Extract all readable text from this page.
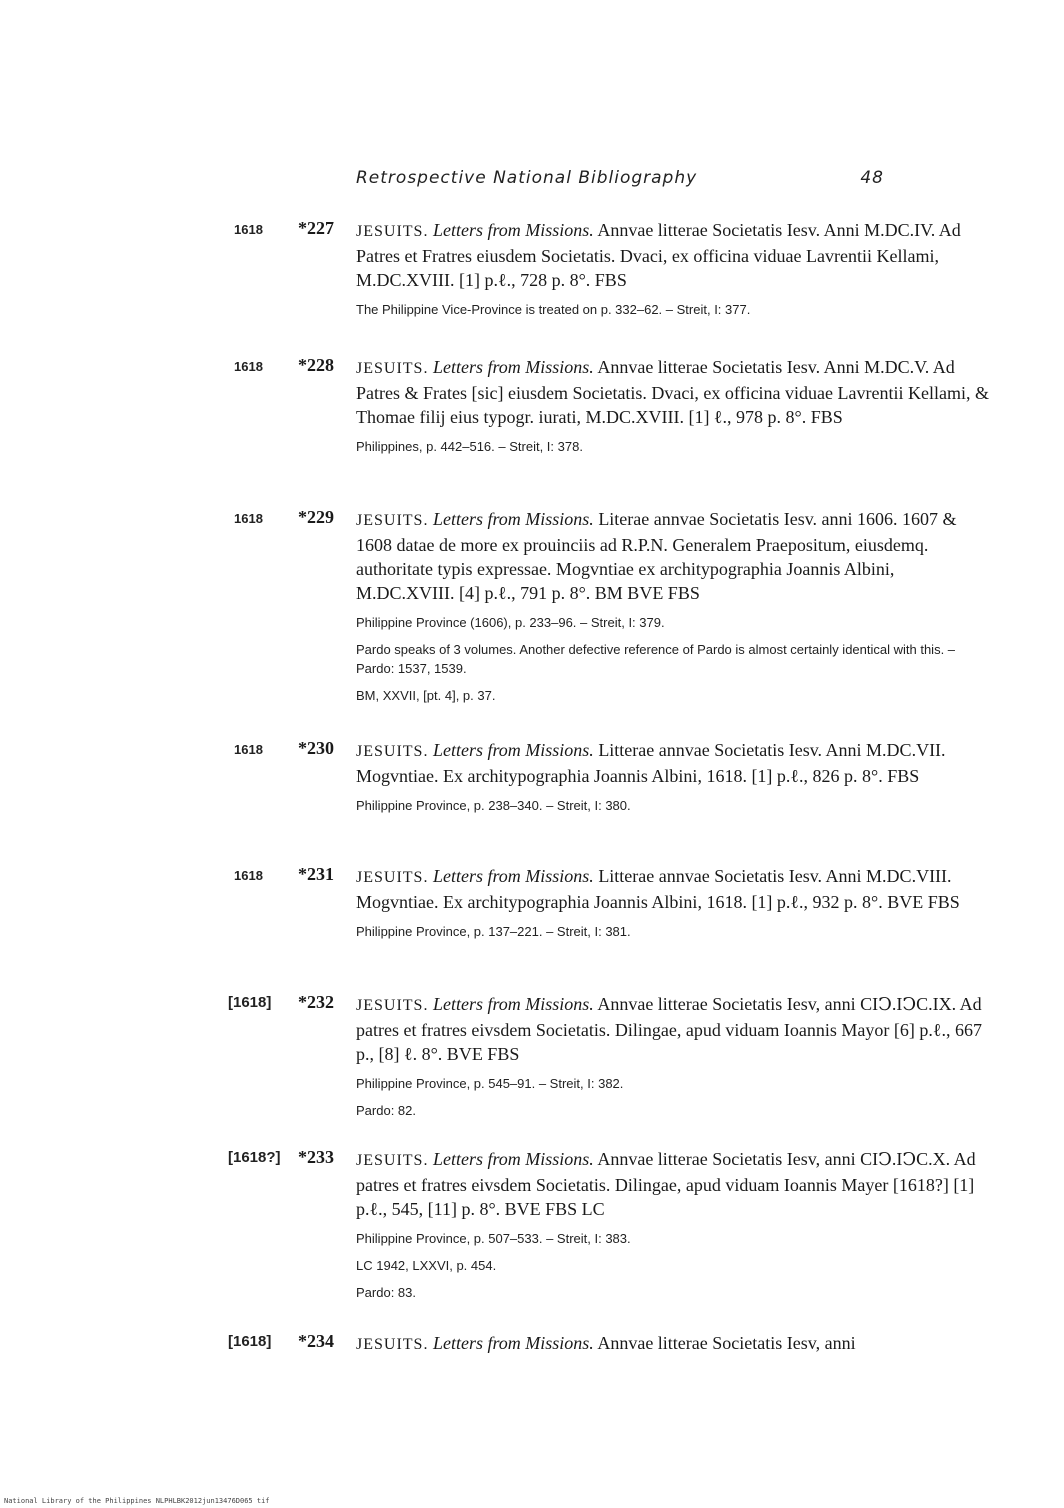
Retrospective National Bibliography	48
1618 *227 JESUITS. Letters from Missions. Annvae litterae Societatis Iesv. Anni M.DC.IV. Ad Patres et Fratres eiusdem Societatis. Dvaci, ex officina viduae Lavrentii Kellami, M.DC.XVIII. [1] p.ℓ., 728 p. 8°. FBS

The Philippine Vice-Province is treated on p. 332–62. – Streit, I: 377.

1618 *228 JESUITS. Letters from Missions. Annvae litterae Societatis Iesv. Anni M.DC.V. Ad Patres & Frates [sic] eiusdem Societatis. Dvaci, ex officina viduae Lavrentii Kellami, & Thomae filij eius typogr. iurati, M.DC.XVIII. [1] ℓ., 978 p. 8°. FBS

Philippines, p. 442–516. – Streit, I: 378.

1618 *229 JESUITS. Letters from Missions. Literae annvae Societatis Iesv. anni 1606. 1607 & 1608 datae de more ex prouinciis ad R.P.N. Generalem Praepositum, eiusdemq. authoritate typis expressae. Mogvntiae ex architypographia Joannis Albini, M.DC.XVIII. [4] p.ℓ., 791 p. 8°. BM BVE FBS

Philippine Province (1606), p. 233–96. – Streit, I: 379.

Pardo speaks of 3 volumes. Another defective reference of Pardo is almost certainly identical with this. – Pardo: 1537, 1539.

BM, XXVII, [pt. 4], p. 37.

1618 *230 JESUITS. Letters from Missions. Litterae annvae Societatis Iesv. Anni M.DC.VII. Mogvntiae. Ex architypographia Joannis Albini, 1618. [1] p.ℓ., 826 p. 8°. FBS

Philippine Province, p. 238–340. – Streit, I: 380.

1618 *231 JESUITS. Letters from Missions. Litterae annvae Societatis Iesv. Anni M.DC.VIII. Mogvntiae. Ex architypographia Joannis Albini, 1618. [1] p.ℓ., 932 p. 8°. BVE FBS

Philippine Province, p. 137–221. – Streit, I: 381.

[1618] *232 JESUITS. Letters from Missions. Annvae litterae Societatis Iesv, anni CIↃ.IↃC.IX. Ad patres et fratres eivsdem Societatis. Dilingae, apud viduam Ioannis Mayor [6] p.ℓ., 667 p., [8] ℓ. 8°. BVE FBS

Philippine Province, p. 545–91. – Streit, I: 382.

Pardo: 82.

[1618?] *233 JESUITS. Letters from Missions. Annvae litterae Societatis Iesv, anni CIↃ.IↃC.X. Ad patres et fratres eivsdem Societatis. Dilingae, apud viduam Ioannis Mayer [1618?] [1] p.ℓ., 545, [11] p. 8°. BVE FBS LC

Philippine Province, p. 507–533. – Streit, I: 383.

LC 1942, LXXVI, p. 454.

Pardo: 83.

[1618] *234 JESUITS. Letters from Missions. Annvae litterae Societatis Iesv, anni

National Library of the Philippines NLPHLBK2012jun13476D065 tif
